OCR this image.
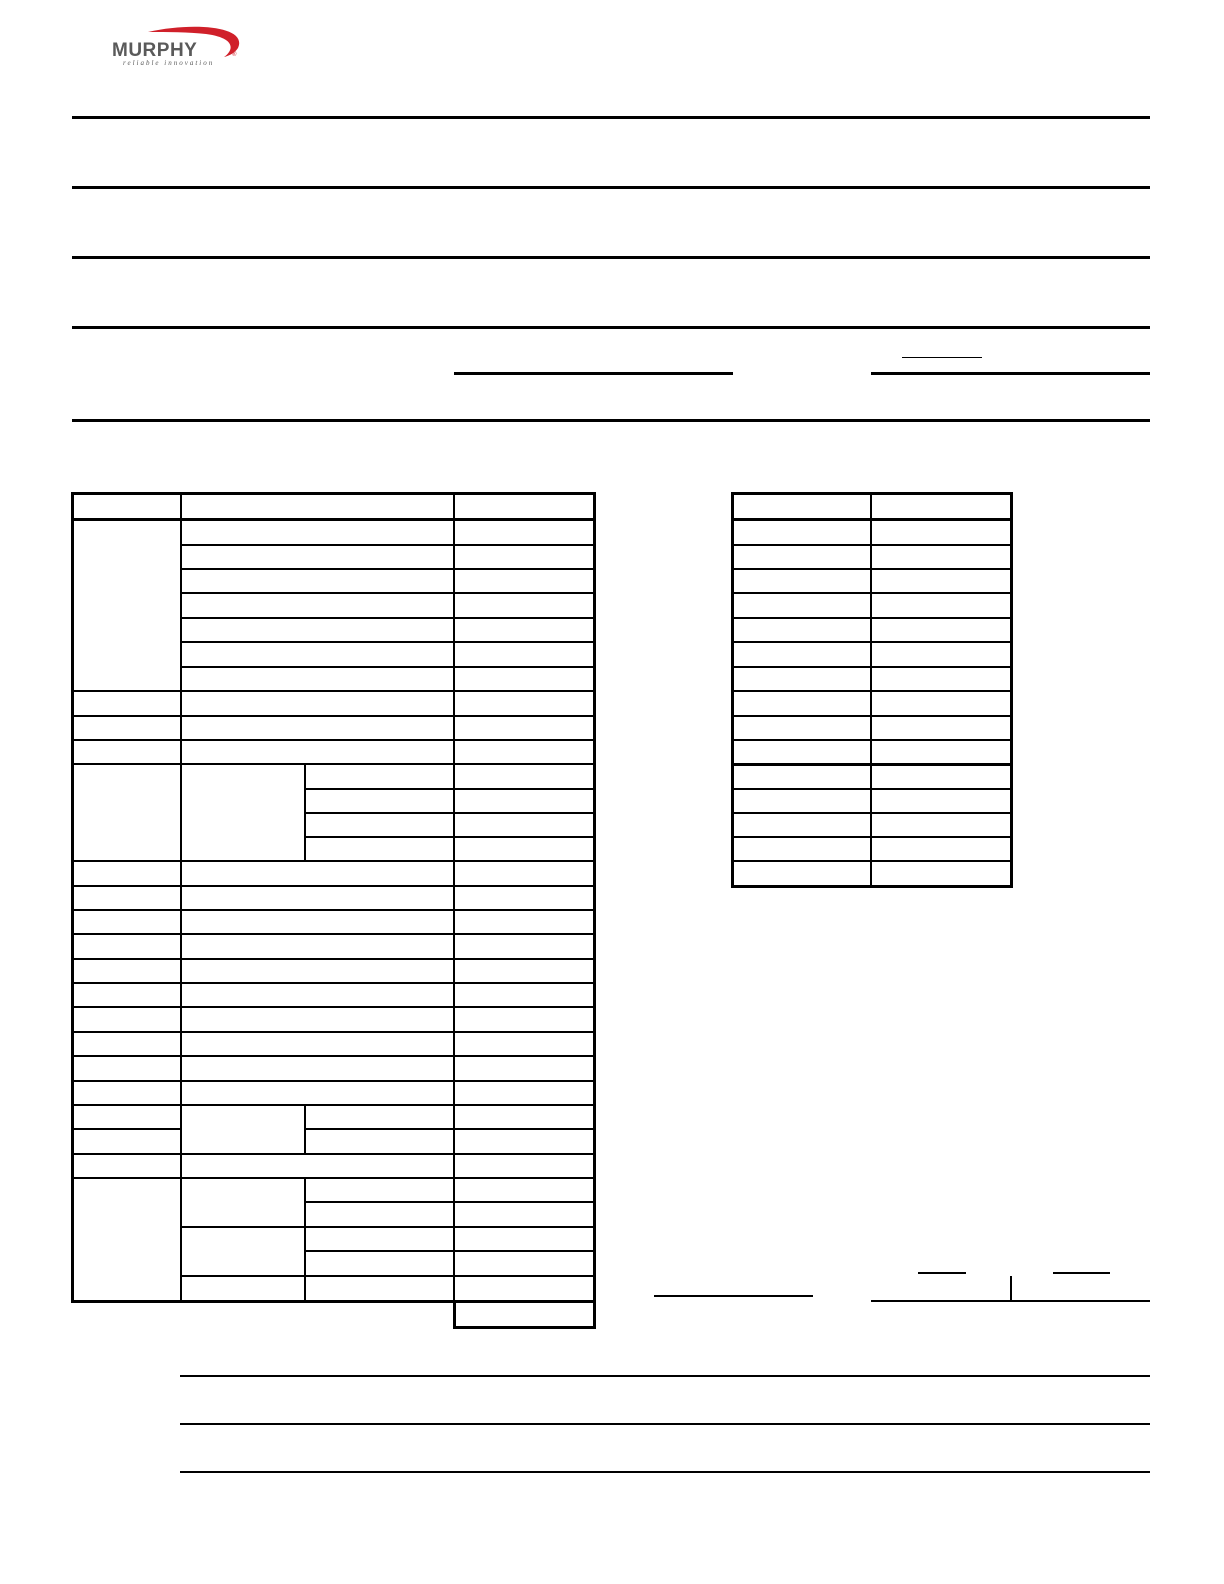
MURPHY
reliable innovation
®
